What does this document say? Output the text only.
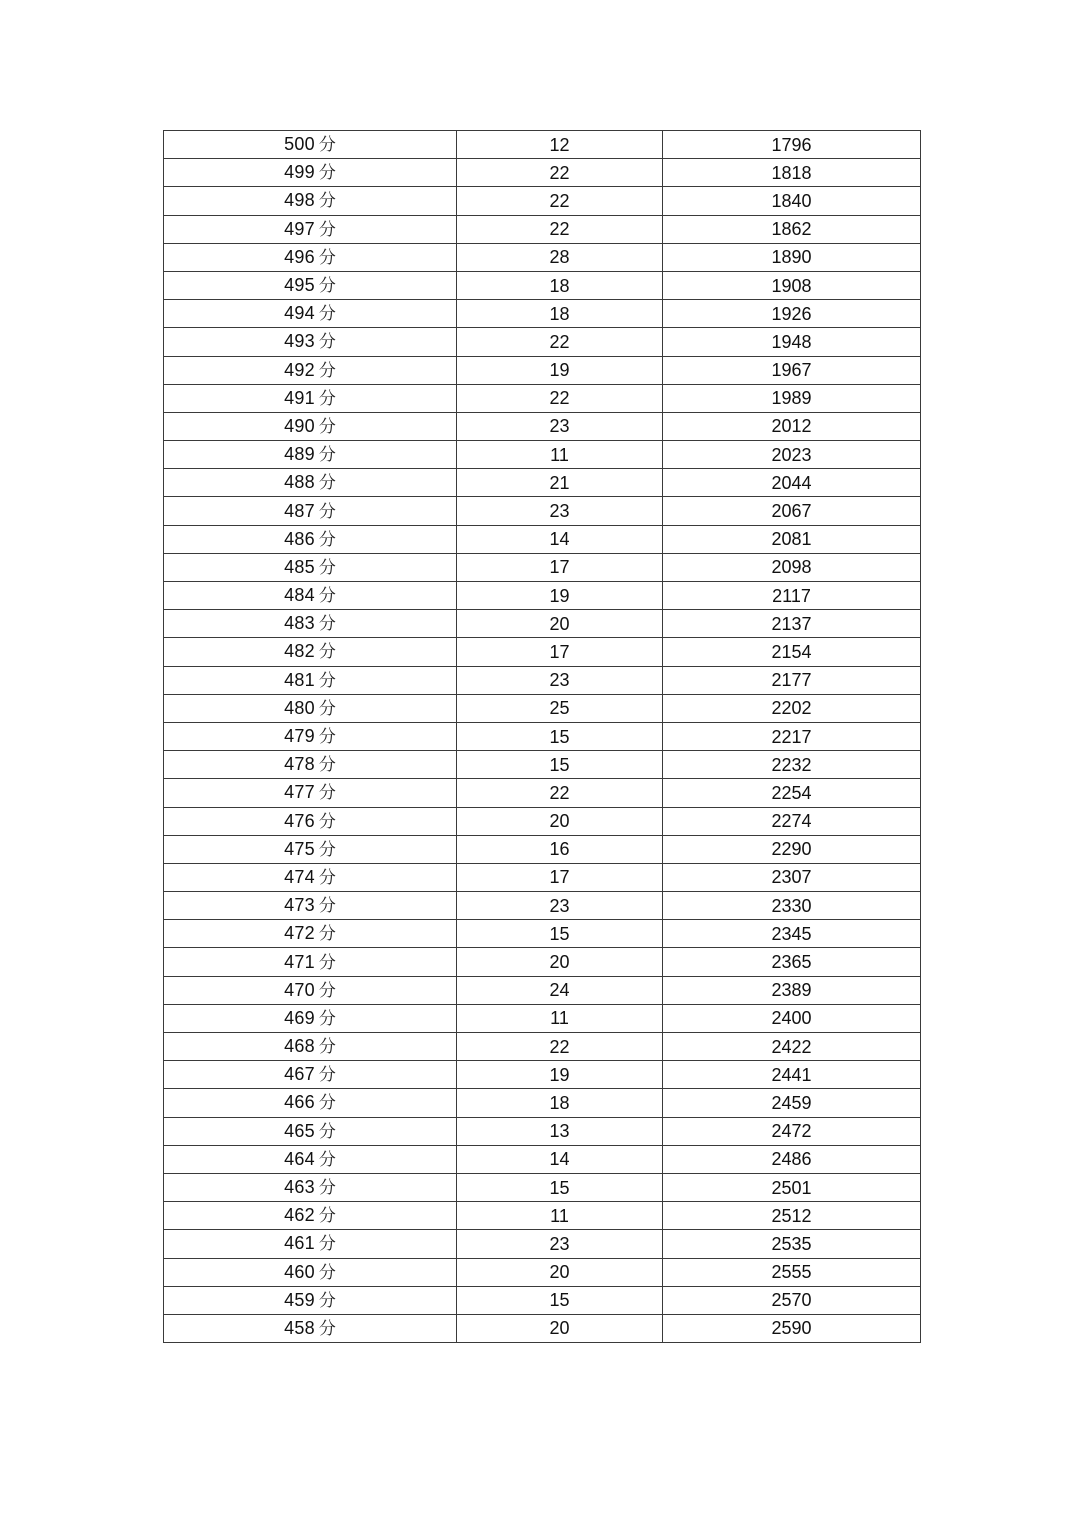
500 分	12	1796
499 分	22	1818
498 分	22	1840
497 分	22	1862
496 分	28	1890
495 分	18	1908
494 分	18	1926
493 分	22	1948
492 分	19	1967
491 分	22	1989
490 分	23	2012
489 分	11	2023
488 分	21	2044
487 分	23	2067
486 分	14	2081
485 分	17	2098
484 分	19	2117
483 分	20	2137
482 分	17	2154
481 分	23	2177
480 分	25	2202
479 分	15	2217
478 分	15	2232
477 分	22	2254
476 分	20	2274
475 分	16	2290
474 分	17	2307
473 分	23	2330
472 分	15	2345
471 分	20	2365
470 分	24	2389
469 分	11	2400
468 分	22	2422
467 分	19	2441
466 分	18	2459
465 分	13	2472
464 分	14	2486
463 分	15	2501
462 分	11	2512
461 分	23	2535
460 分	20	2555
459 分	15	2570
458 分	20	2590
